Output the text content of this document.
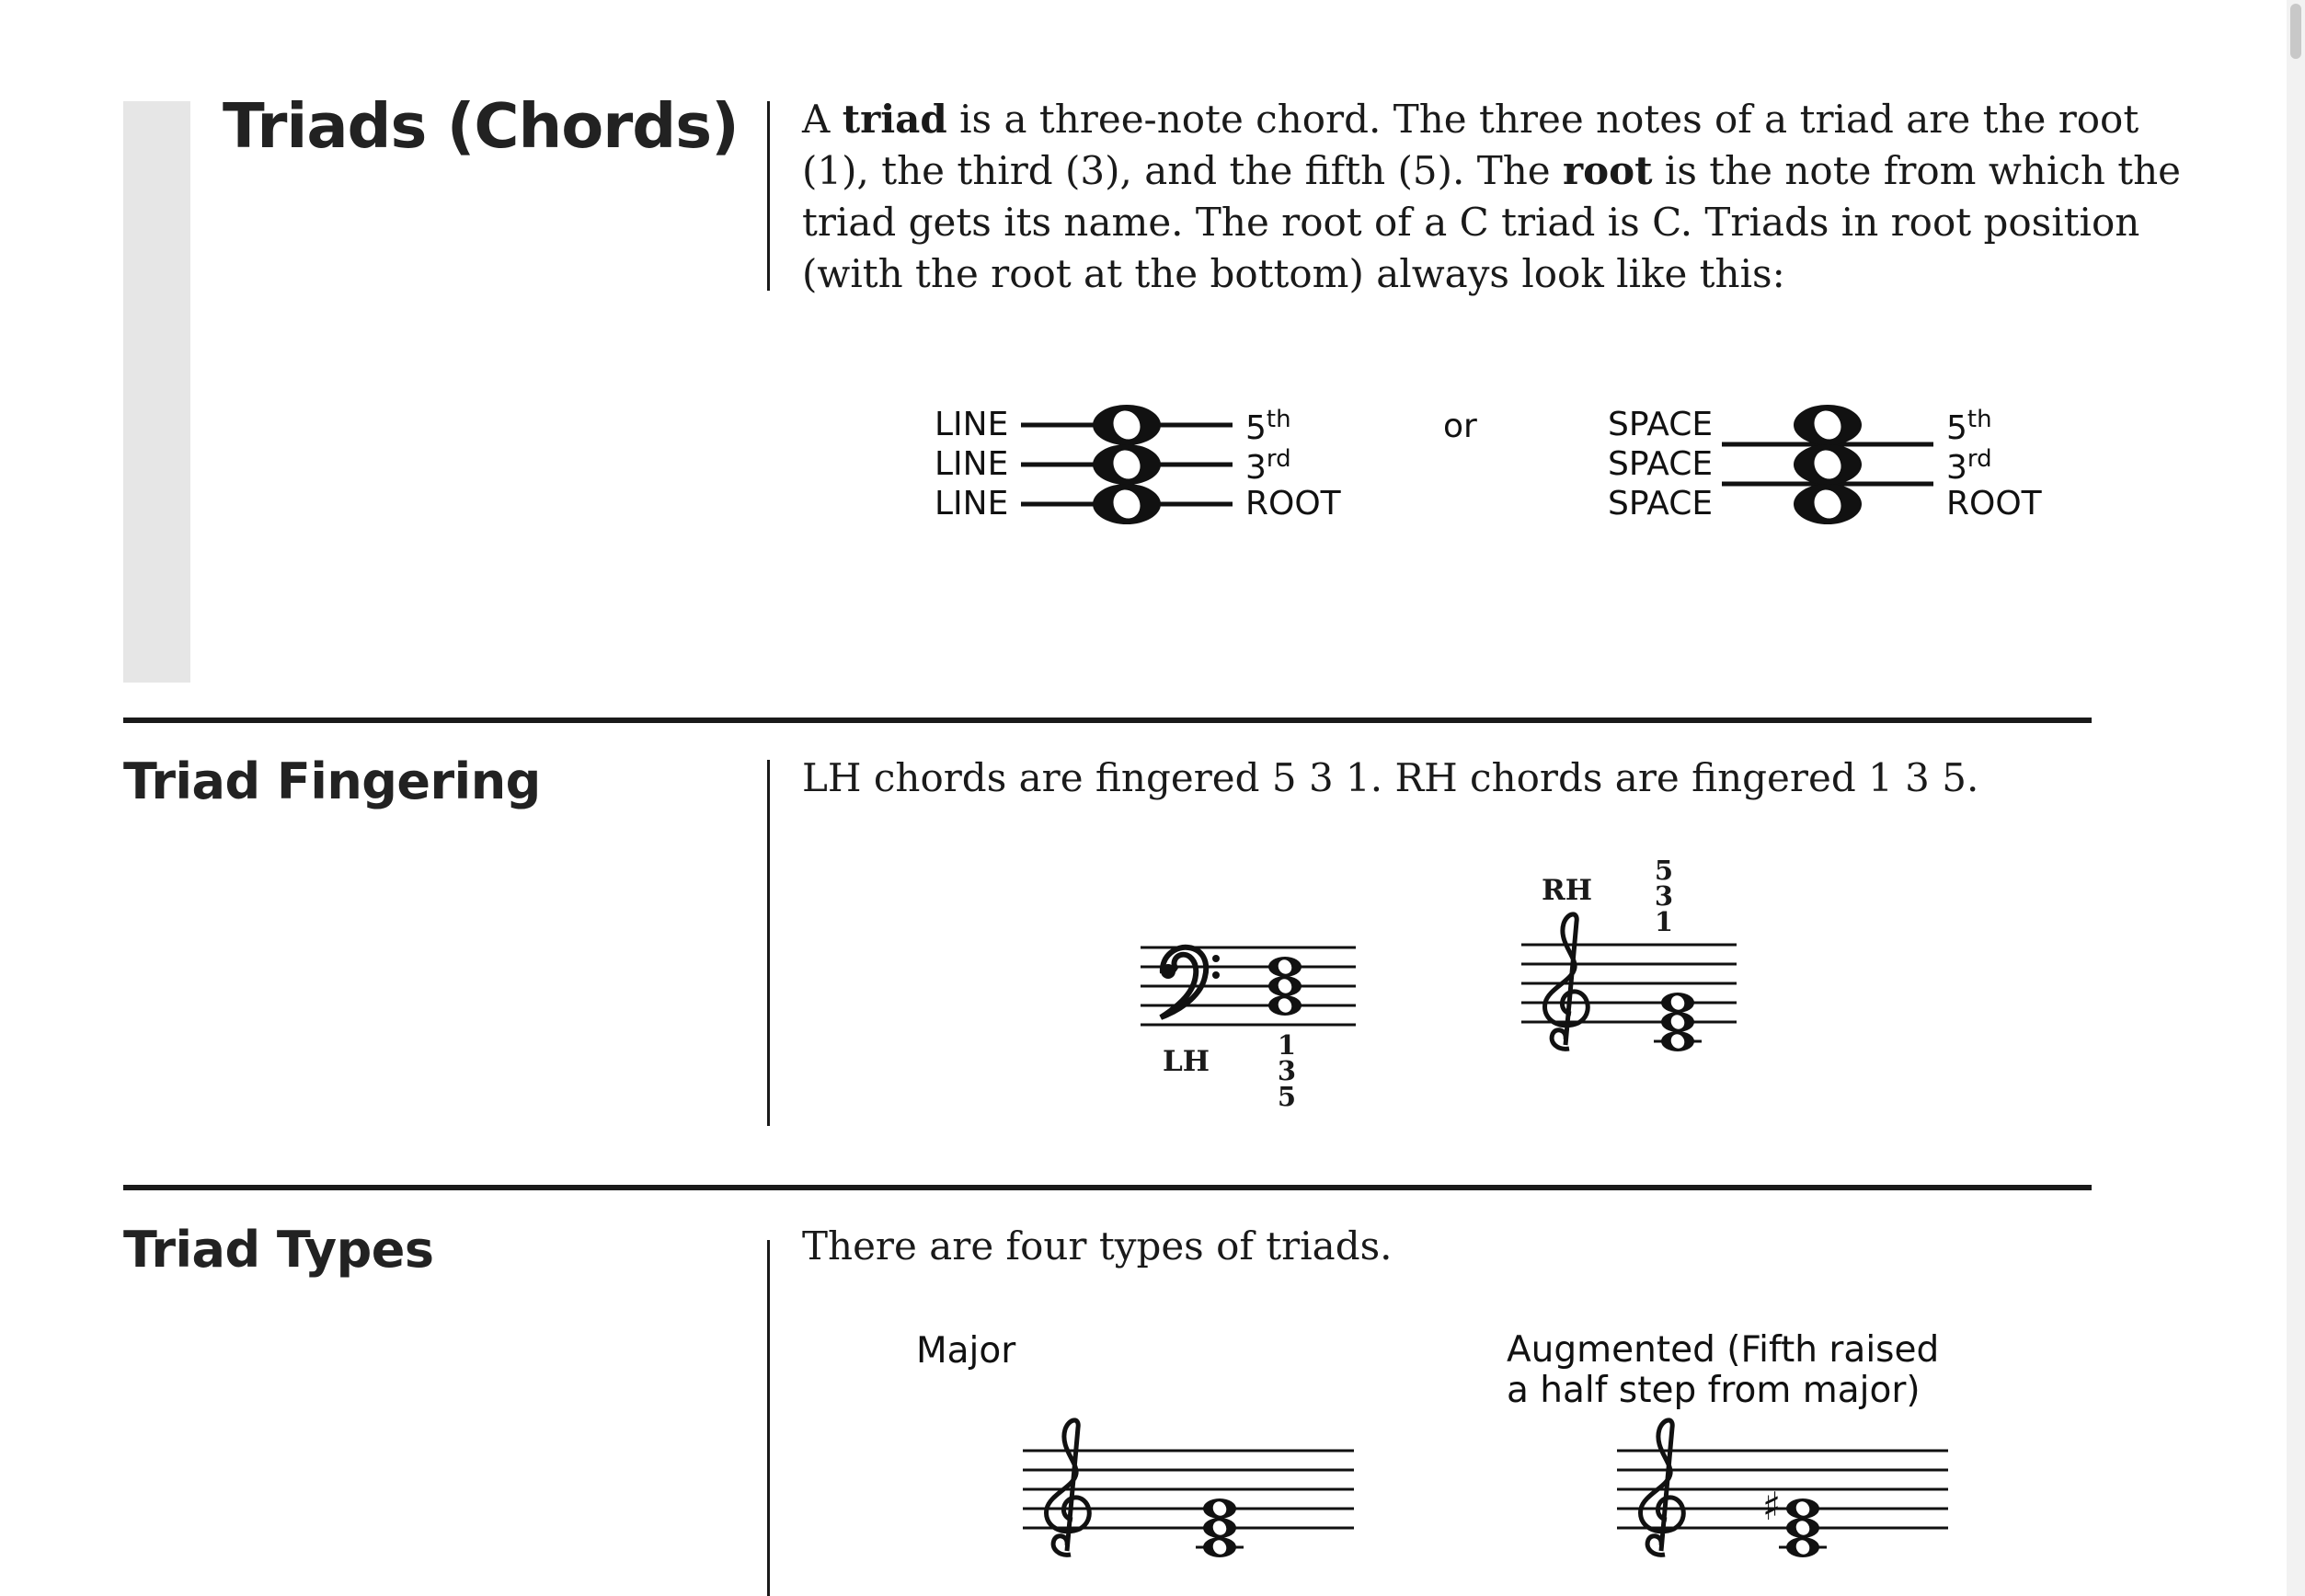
Triads (Chords) A triad is a three-note chord. The three notes of a triad are the root
(1), the third (3), and the fifth (5). The root is the note from which the
triad gets its name. The root of a C triad is C. Triads in root position
(with the root at the bottom) always look like this:
LINE
LINE
LINE
5th
3rd
ROOT
or	SPACE
SPACE
SPACE
5th
3rd
ROOT
Triad Fingering	LH chords are fingered 5 3 1. RH chords are fingered 1 3 5.
LH	1
3
5
RH
5
3
1
Triad Types	There are four types of triads.
Major	Augmented (Fifth raised
a half step from major)
♯
